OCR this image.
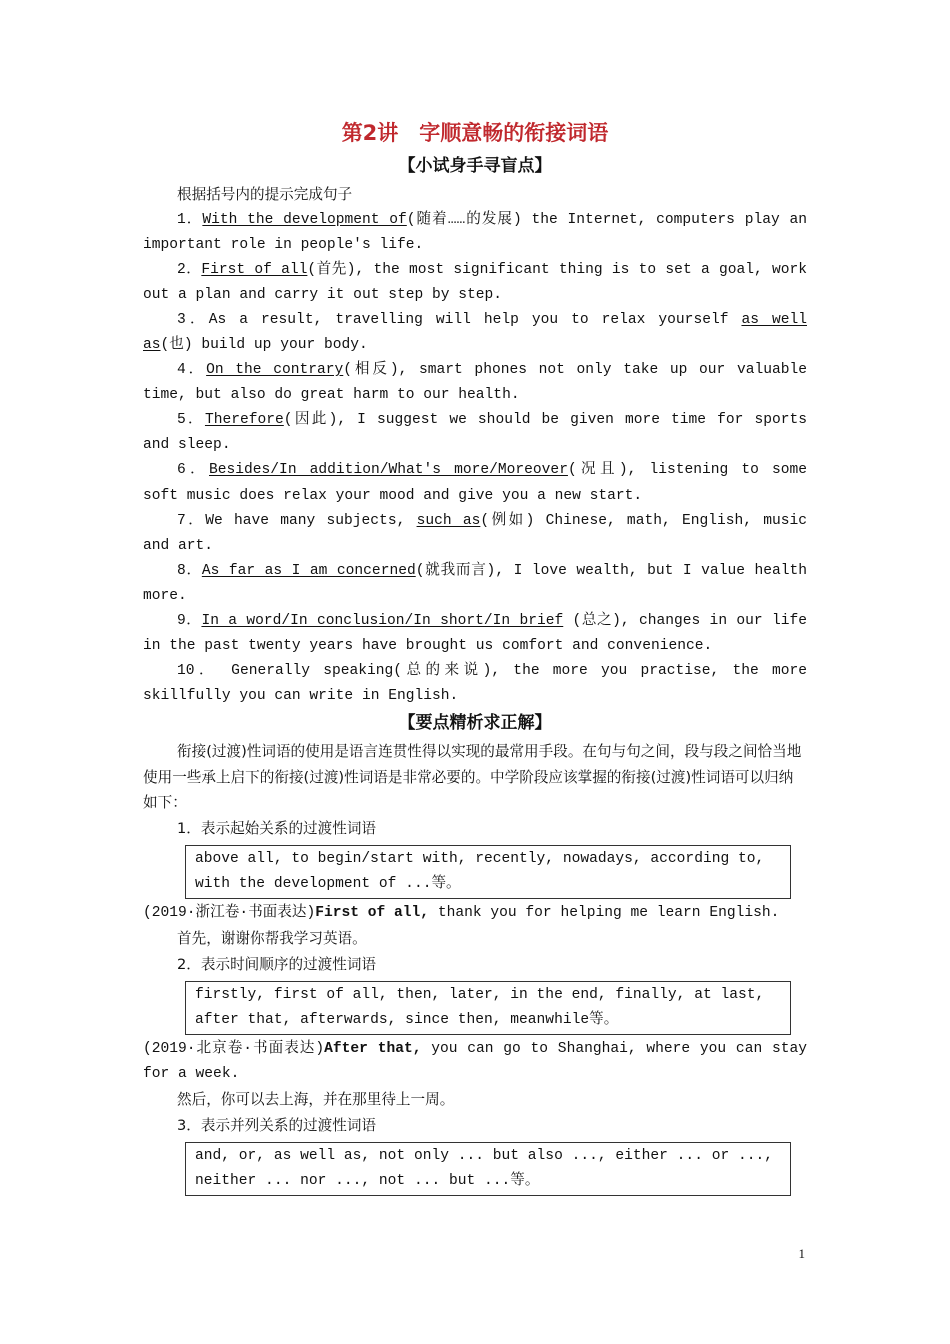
第2讲　字顺意畅的衔接词语
【小试身手寻盲点】

根据括号内的提示完成句子

1．With the development of(随着……的发展) the Internet, computers play an important role in people's life.

2．First of all(首先), the most significant thing is to set a goal, work out a plan and carry it out step by step.

3．As a result, travelling will help you to relax yourself as well as(也) build up your body.

4．On the contrary(相反), smart phones not only take up our valuable time, but also do great harm to our health.

5．Therefore(因此), I suggest we should be given more time for sports and sleep.

6．Besides/In addition/What's more/Moreover(况且), listening to some soft music does relax your mood and give you a new start.

7．We have many subjects, such as(例如) Chinese, math, English, music and art.

8．As far as I am concerned(就我而言), I love wealth, but I value health more.

9．In a word/In conclusion/In short/In brief (总之), changes in our life in the past twenty years have brought us comfort and convenience.

10． Generally speaking(总的来说), the more you practise, the more skillfully you can write in English.

【要点精析求正解】

衔接(过渡)性词语的使用是语言连贯性得以实现的最常用手段。在句与句之间，段与段之间恰当地使用一些承上启下的衔接(过渡)性词语是非常必要的。中学阶段应该掌握的衔接(过渡)性词语可以归纳如下：

1．表示起始关系的过渡性词语

above all, to begin/start with, recently, nowadays, according to, with the development of ...等。

(2019·浙江卷·书面表达)First of all, thank you for helping me learn English.

首先，谢谢你帮我学习英语。

2．表示时间顺序的过渡性词语

firstly, first of all, then, later, in the end, finally, at last, after that, afterwards, since then, meanwhile等。

(2019·北京卷·书面表达)After that, you can go to Shanghai, where you can stay for a week.

然后，你可以去上海，并在那里待上一周。

3．表示并列关系的过渡性词语

and, or, as well as, not only ... but also ..., either ... or ..., neither ... nor ..., not ... but ...等。
1
